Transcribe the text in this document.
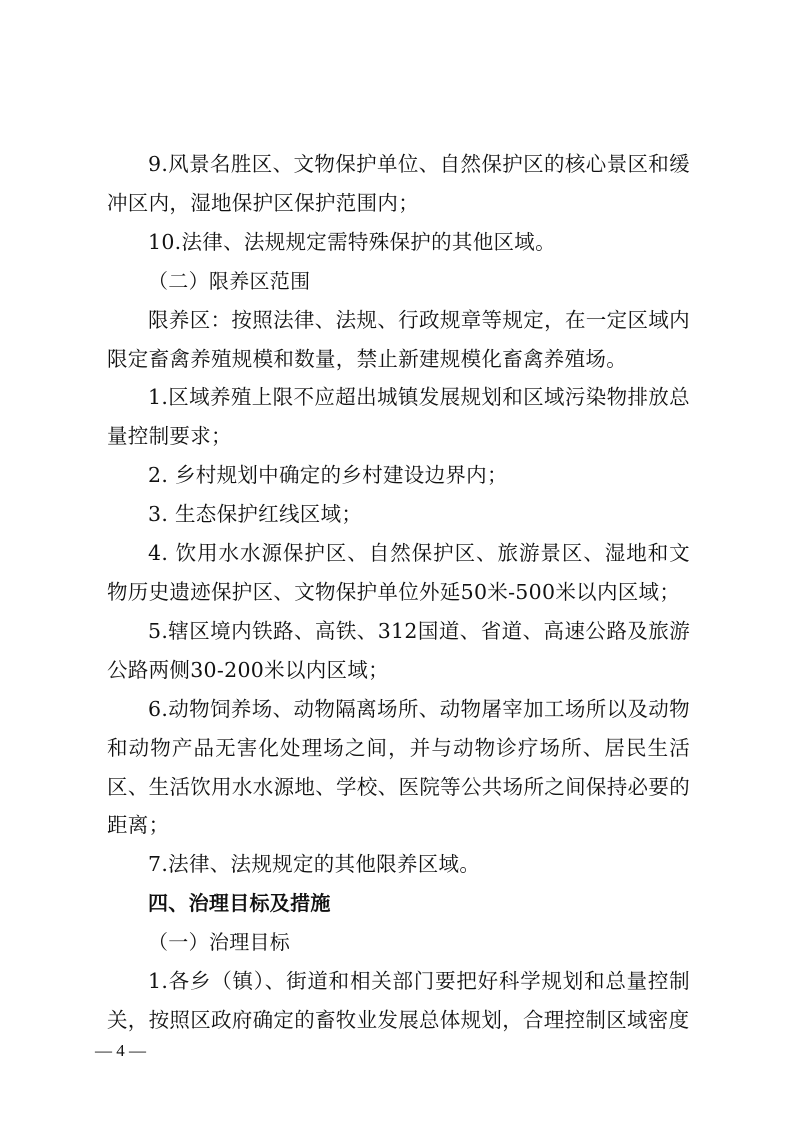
9.风景名胜区、文物保护单位、自然保护区的核心景区和缓冲区内，湿地保护区保护范围内；

10.法律、法规规定需特殊保护的其他区域。

（二）限养区范围

限养区：按照法律、法规、行政规章等规定，在一定区域内限定畜禽养殖规模和数量，禁止新建规模化畜禽养殖场。

1.区域养殖上限不应超出城镇发展规划和区域污染物排放总量控制要求；

2. 乡村规划中确定的乡村建设边界内；

3. 生态保护红线区域；

4. 饮用水水源保护区、自然保护区、旅游景区、湿地和文物历史遗迹保护区、文物保护单位外延50米-500米以内区域；

5.辖区境内铁路、高铁、312国道、省道、高速公路及旅游公路两侧30-200米以内区域；

6.动物饲养场、动物隔离场所、动物屠宰加工场所以及动物和动物产品无害化处理场之间，并与动物诊疗场所、居民生活区、生活饮用水水源地、学校、医院等公共场所之间保持必要的距离；

7.法律、法规规定的其他限养区域。

四、治理目标及措施

（一）治理目标

1.各乡（镇）、街道和相关部门要把好科学规划和总量控制关，按照区政府确定的畜牧业发展总体规划，合理控制区域密度

— 4 —
